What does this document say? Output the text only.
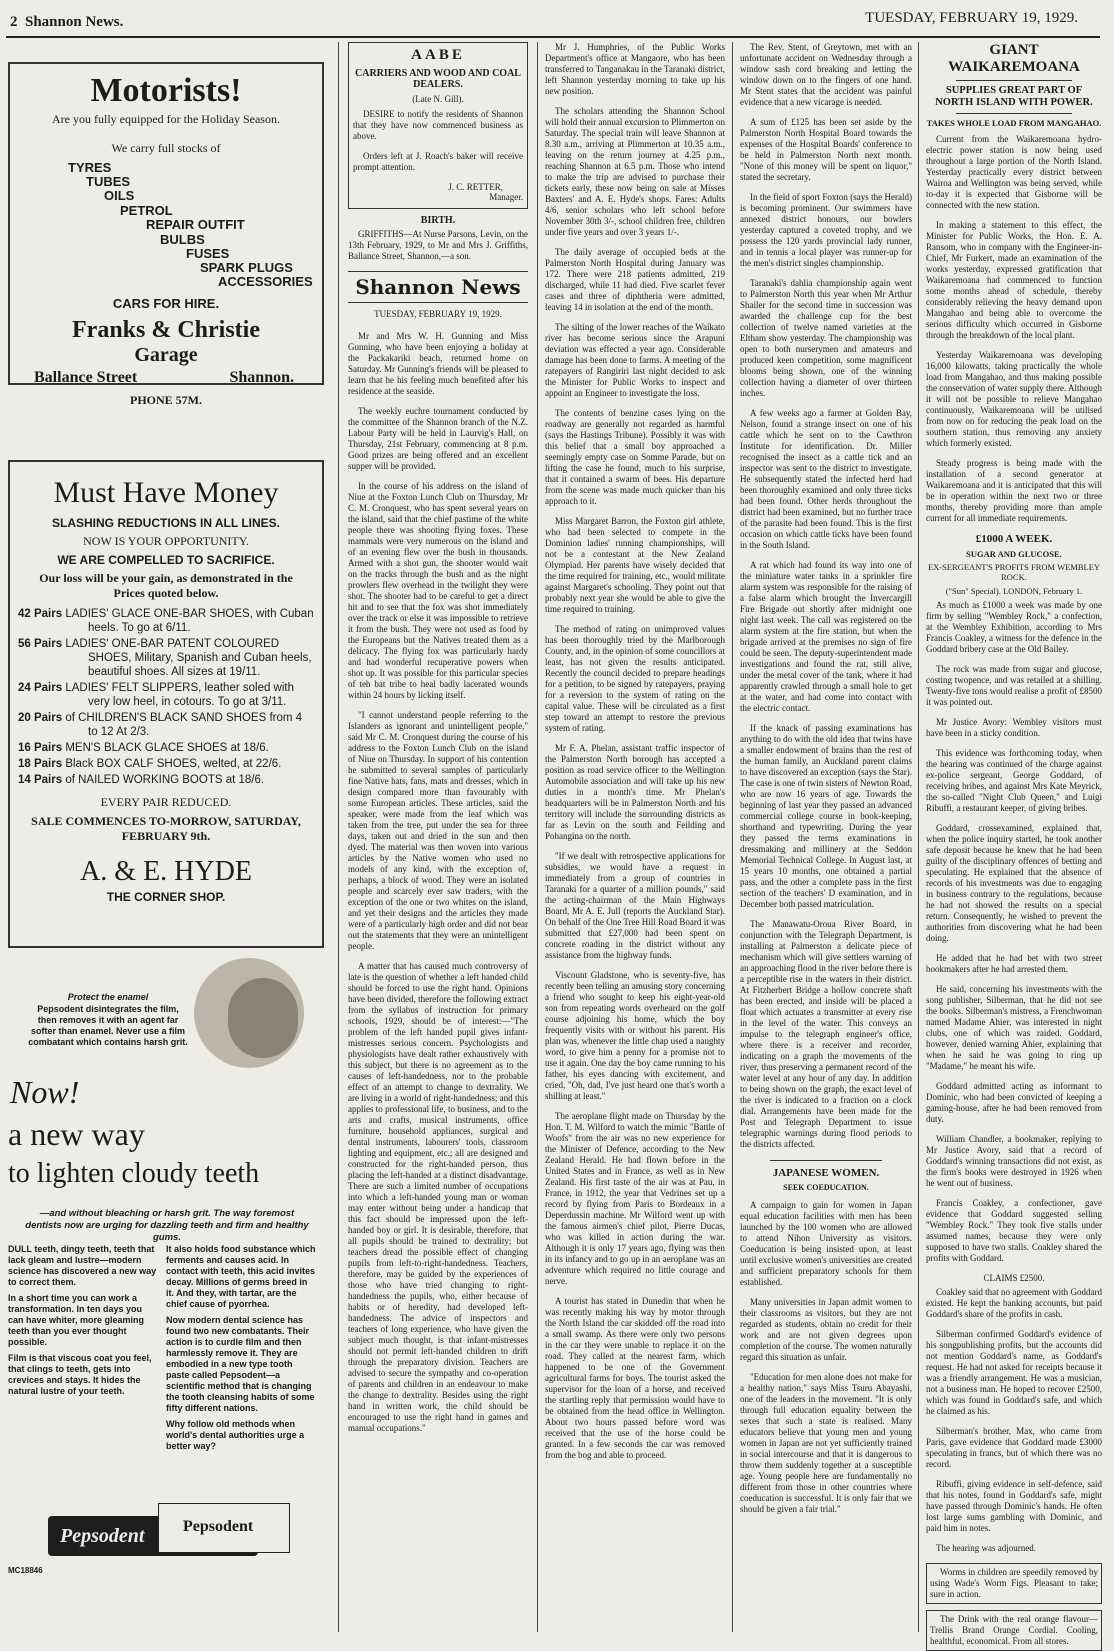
2 Shannon News.	TUESDAY, FEBRUARY 19, 1929.
Motorists!
Are you fully equipped for the Holiday Season.
We carry full stocks of
TYRES
TUBES
OILS
PETROL
REPAIR OUTFIT
BULBS
FUSES
SPARK PLUGS
ACCESSORIES
CARS FOR HIRE.
Franks & Christie
Garage
Ballance Street	Shannon.
PHONE 57M.
Must Have Money
SLASHING REDUCTIONS IN ALL LINES.
NOW IS YOUR OPPORTUNITY.
WE ARE COMPELLED TO SACRIFICE.
Our loss will be your gain, as demonstrated in the Prices quoted below.
42 Pairs LADIES' GLACE ONE-BAR SHOES, with Cuban heels. To go at 6/11.
56 Pairs LADIES' ONE-BAR PATENT COLOURED SHOES, Military, Spanish and Cuban heels, beautiful shoes. All sizes at 19/11.
24 Pairs LADIES' FELT SLIPPERS, leather soled with very low heel, in cotours. To go at 3/11.
20 Pairs of CHILDREN'S BLACK SAND SHOES from 4 to 12 At 2/3.
16 Pairs MEN'S BLACK GLACE SHOES at 18/6.
18 Pairs Black BOX CALF SHOES, welted, at 22/6.
14 Pairs of NAILED WORKING BOOTS at 18/6.
EVERY PAIR REDUCED.
SALE COMMENCES TO-MORROW, SATURDAY, FEBRUARY 9th.
A. & E. HYDE
THE CORNER SHOP.
Protect the enamel
Pepsodent disintegrates the film, then removes it with an agent far softer than enamel. Never use a film combatant which contains harsh grit.
Now!
a new way
to lighten cloudy teeth
—and without bleaching or harsh grit. The way foremost dentists now are urging for dazzling teeth and firm and healthy gums.
DULL teeth, dingy teeth, teeth that lack gleam and lustre—modern science has discovered a new way to correct them.
In a short time you can work a transformation. In ten days you can have whiter, more gleaming teeth than you ever thought possible.
Film is that viscous coat you feel, that clings to teeth, gets into crevices and stays. It hides the natural lustre of your teeth.
It also holds food substance which ferments and causes acid. In contact with teeth, this acid invites decay. Millions of germs breed in it. And they, with tartar, are the chief cause of pyorrhea.
Now modern dental science has found two new combatants. Their action is to curdle film and then harmlessly remove it. They are embodied in a new type tooth paste called Pepsodent—a scientific method that is changing the tooth cleansing habits of some fifty different nations.
Why follow old methods when world's dental authorities urge a better way?
Pepsodent Pepsodent
MC18846
AABE
CARRIERS AND WOOD AND COAL DEALERS.
(Late N. Gill).

DESIRE to notify the residents of Shannon that they have now commenced business as above.

Orders left at J. Roach's baker will receive prompt attention.

J. C. RETTER,
Manager.
BIRTH.

GRIFFITHS—At Nurse Parsons, Levin, on the 13th February, 1929, to Mr and Mrs J. Griffiths, Ballance Street, Shannon,—a son.

Shannon News
TUESDAY, FEBRUARY 19, 1929.

Mr and Mrs W. H. Gunning and Miss Gunning, who have been enjoying a holiday at the Packakariki beach, returned home on Saturday. Mr Gunning's friends will be pleased to learn that he his feeling much benefited after his residence at the seaside.

The weekly euchre tournament conducted by the committee of the Shannon branch of the N.Z. Labour Party will be held in Laurvig's Hall, on Thursday, 21st February, commencing at 8 p.m. Good prizes are being offered and an excellent supper will be provided.

In the course of his address on the island of Niue at the Foxton Lunch Club on Thursday, Mr C. M. Cronquest, who has spent several years on the island, said that the chief pastime of the white people there was shooting flying foxes. These mammals were very numerous on the island and of an evening flew over the bush in thousands. Armed with a shot gun, the shooter would wait on the tracks through the bush and as the night prowlers flew overhead in the twilight they were shot. The shooter had to be careful to get a direct hit and to see that the fox was shot immediately over the track or else it was impossible to retrieve it from the bush. They were not used as food by the Europeans but the Natives treated them as a delicacy. The flying fox was particularly hardy and had wonderful recuperative powers when shot up. It was possible for this particular species of teh bat tribe to heal badly lacerated wounds within 24 hours by licking itself.

"I cannot understand people referring to the Islanders as ignorant and unintelligent people," said Mr C. M. Cronquest during the course of his address to the Foxton Lunch Club on the island of Niue on Thursday. In support of his contention he submitted to several samples of particularly fine Native hats, fans, mats and dresses, which in design compared more than favourably with some European articles. These articles, said the speaker, were made from the leaf which was taken from the tree, put under the sea for three days, taken out and dried in the sun and then dyed. The material was then woven into various articles by the Native women who used no models of any kind, with the exception of, perhaps, a block of wood. They were an isolated people and scarcely ever saw traders, with the exception of the one or two whites on the island, and yet their designs and the articles they made were of a particularly high order and did not bear out the statements that they were an unintelligent people.

A matter that has caused much controversy of late is the question of whether a left handed child should be forced to use the right hand. Opinions have been divided, therefore the following extract from the syllabus of instruction for primary schools, 1929, should be of interest:—"The problem of the left handed pupil gives infant-mistresses serious concern. Psychologists and physiologists have dealt rather exhaustively with this subject, but there is no agreement as to the causes of left-handedness, nor to the probable effect of an attempt to change to dextrality. We are living in a world of right-handedness; and this applies to professional life, to business, and to the arts and crafts, musical instruments, office furniture, household appliances, surgical and dental instruments, labourers' tools, classroom lighting and equipment, etc.; all are designed and constructed for the right-handed person, thus placing the left-handed at a distinct disadvantage. There are such a limited number of occupations into which a left-handed young man or woman may enter without being under a handicap that this fact should be impressed upon the left-handed boy or girl. It is desirable, therefore, that all pupils should be trained to dextrality; but teachers dread the possible effect of changing pupils from left-to-right-handedness. Teachers, therefore, may be guided by the experiences of those who have tried changing to right-handedness the pupils, who, either because of habits or of heredity, had developed left-handedness. The advice of inspectors and teachers of long experience, who have given the subject much thought, is that infant-mistresses should not permit left-handed children to drift through the preparatory division. Teachers are advised to secure the sympathy and co-operation of parents and children in an endeavour to make the change to dextrality. Besides using the right hand in written work, the child should be encouraged to use the right hand in games and manual occupations."

Mr J. Humphries, of the Public Works Department's office at Mangaore, who has been transferred to Tanganakau in the Taranaki district, left Shannon yesterday morning to take up his new position.

The scholars attending the Shannon School will hold their annual excursion to Plimmerton on Saturday. The special train will leave Shannon at 8.30 a.m., arriving at Plimmerton at 10.35 a.m., leaving on the return journey at 4.25 p.m., reaching Shannon at 6.5 p.m. Those who intend to make the trip are advised to purchase their tickets early, these now being on sale at Misses Baxters' and A. E. Hyde's shops. Fares: Adults 4/6, senior scholars who left school before November 30th 3/-, school children free, children under five years and over 3 years 1/-.

The daily average of occupied beds at the Palmerston North Hospital during January was 172. There were 218 patients admitted, 219 discharged, while 11 had died. Five scarlet fever cases and three of diphtheria were admitted, leaving 14 in isolation at the end of the month.

The silting of the lower reaches of the Waikato river has become serious since the Arapuni deviation was effected a year ago. Considerable damage has been done to farms. A meeting of the ratepayers of Rangiriri last night decided to ask the Minister for Public Works to inspect and appoint an Engineer to investigate the loss.

The contents of benzine cases lying on the roadway are generally not regarded as harmful (says the Hastings Tribune). Possibly it was with this belief that a small boy approached a seemingly empty case on Somme Parade, but on lifting the case he found, much to his surprise, that it contained a swarm of bees. His departure from the scene was made much quicker than his approach to it.

Miss Margaret Barron, the Foxton girl athlete, who had been selected to compete in the Dominion ladies' running championships, will not be a contestant at the New Zealand Olympiad. Her parents have wisely decided that the time required for training, etc., would militate against Margaret's schooling. They point out that probably next year she would be able to give the time required to training.

The method of rating on unimproved values has been thoroughly tried by the Marlborough County, and, in the opinion of some councillors at least, has not given the results anticipated. Recently the council decided to prepare headings for a petition, to be signed by ratepayers, praying for a reversion to the system of rating on the capital value. These will be circulated as a first step toward an attempt to restore the previous system of rating.

Mr F. A. Phelan, assistant traffic inspector of the Palmerston North borough has accepted a position as road service officer to the Wellington Automobile association and will take up his new duties in a month's time. Mr Phelan's headquarters will be in Palmerston North and his territory will include the surrounding districts as far as Levin on the south and Feilding and Pohangina on the north.

"If we dealt with retrospective applications for subsidies, we would have a request in immediately from a group of countries in Taranaki for a quarter of a million pounds," said the acting-chairman of the Main Highways Board, Mr A. E. Jull (reports the Auckland Star). On behalf of the One Tree Hill Road Board it was submitted that £27,000 had been spent on concrete roading in the district without any assistance from the highway funds.

Viscount Gladstone, who is seventy-five, has recently been telling an amusing story concerning a friend who sought to keep his eight-year-old son from repeating words overheard on the golf course adjoining his home, which the boy frequently visits with or without his parent. His plan was, whenever the little chap used a naughty word, to give him a penny for a promise not to use it again. One day the boy came running to his father, his eyes dancing with excitement, and cried, "Oh, dad, I've just heard one that's worth a shilling at least."

The aeroplane flight made on Thursday by the Hon. T. M. Wilford to watch the mimic "Battle of Woofs" from the air was no new experience for the Minister of Defence, according to the New Zealand Herald. He had flown before in the United States and in France, as well as in New Zealand. His first taste of the air was at Pau, in France, in 1912, the year that Vedrines set up a record by flying from Paris to Bordeaux in a Deperdussin machine. Mr Wilford went up with the famous airmen's chief pilot, Pierre Ducas, who was killed in action during the war. Although it is only 17 years ago, flying was then in its infancy and to go up in an aeroplane was an adventure which required no little courage and nerve.

A tourist has stated in Dunedin that when he was recently making his way by motor through the North Island the car skidded off the road into a small swamp. As there were only two persons in the car they were unable to replace it on the road. They called at the nearest farm, which happened to be one of the Government agricultural farms for boys. The tourist asked the supervisor for the loan of a horse, and received the startling reply that permission would have to be obtained from the head office in Wellington. About two hours passed before word was received that the use of the horse could be granted. In a few seconds the car was removed from the bog and able to proceed.

The Rev. Stent, of Greytown, met with an unfortunate accident on Wednesday through a window sash cord breaking and letting the window down on to the fingers of one hand. Mr Stent states that the accident was painful evidence that a new vicarage is needed.

A sum of £125 has been set aside by the Palmerston North Hospital Board towards the expenses of the Hospital Boards' conference to be held in Palmerston North next month. "None of this money will be spent on liquor," stated the secretary.

In the field of sport Foxton (says the Herald) is becoming prominent. Our swimmers have annexed district honours, our bowlers yesterday captured a coveted trophy, and we possess the 120 yards provincial lady runner, and in tennis a local player was runner-up for the men's district singles championship.

Taranaki's dahlia championship again went to Palmerston North this year when Mr Arthur Shailer for the second time in succession was awarded the challenge cup for the best collection of twelve named varieties at the Eltham show yesterday. The championship was open to both nurserymen and amateurs and produced keen competition, some magnificent blooms being shown, one of the winning collection having a diameter of over thirteen inches.

A few weeks ago a farmer at Golden Bay, Nelson, found a strange insect on one of his cattle which he sent on to the Cawthron Institute for identification. Dr. Miller recognised the insect as a cattle tick and an inspector was sent to the district to investigate. He subsequently stated the infected herd had been thoroughly examined and only three ticks had been found. Other herds throughout the district had been examined, but no further trace of the parasite had been found. This is the first occasion on which cattle ticks have been found in the South Island.

A rat which had found its way into one of the miniature water tanks in a sprinkler fire alarm system was responsible for the raising of a false alarm which brought the Invercargill Fire Brigade out shortly after midnight one night last week. The call was registered on the alarm system at the fire station, but when the brigade arrived at the premises no sign of fire could be seen. The deputy-superintendent made investigations and found the rat, still alive, under the metal cover of the tank, where it had apparently crawled through a small hole to get at the water, and had come into contact with the electric contact.

If the knack of passing examinations has anything to do with the old idea that twins have a smaller endowment of brains than the rest of the human family, an Auckland parent claims to have discovered an exception (says the Star). The case is one of twin sisters of Newton Road, who are now 16 years of age. Towards the beginning of last year they passed an advanced commercial college course in book-keeping, shorthand and typewriting. During the year they passed the terms examinations in dressmaking and millinery at the Seddon Memorial Technical College. In August last, at 15 years 10 months, one obtained a partial pass, and the other a complete pass in the first section of the teachers' D examination, and in December both passed matriculation.

The Manawatu-Oroua River Board, in conjunction with the Telegraph Department, is installing at Palmerston a delicate piece of mechanism which will give settlers warning of an approaching flood in the river before there is a perceptible rise in the waters in their district. At Fitzherbert Bridge a hollow concrete shaft has been erected, and inside will be placed a float which actuates a transmitter at every rise in the level of the water. This conveys an impulse to the telegraph engineer's office, where there is a receiver and recorder, indicating on a graph the movements of the river, thus preserving a permanent record of the water level at any hour of any day. In addition to being shown on the graph, the exact level of the river is indicated to a fraction on a clock dial. Arrangements have been made for the Post and Telegraph Department to issue telegraphic warnings during flood periods to the districts affected.

JAPANESE WOMEN.
SEEK COEDUCATION.

A campaign to gain for women in Japan equal education facilities with men has been launched by the 100 women who are allowed to attend Nihon University as visitors. Coeducation is being insisted upon, at least until exclusive women's universities are created and sufficient preparatory schools for them established.

Many universities in Japan admit women to their classrooms as visitors, but they are not regarded as students, obtain no credit for their work and are not given degrees upon completion of the course. The women naturally regard this situation as unfair.

"Education for men alone does not make for a healthy nation," says Miss Tsuru Abayashi, one of the leaders in the movement. "It is only through full education equality between the sexes that such a state is realised. Many educators believe that young men and young women in Japan are not yet sufficiently trained in social intercourse and that it is dangerous to throw them suddenly together at a susceptible age. Young people here are fundamentally no different from those in other countries where coeducation is successful. It is only fair that we should be given a fair trial."

GIANT WAIKAREMOANA
SUPPLIES GREAT PART OF NORTH ISLAND WITH POWER.
TAKES WHOLE LOAD FROM MANGAHAO.

Current from the Waikaremoana hydro-electric power station is now being used throughout a large portion of the North Island. Yesterday practically every district between Wairoa and Wellington was being served, while to-day it is expected that Gisborne will be connected with the new station.

In making a statement to this effect, the Minister for Public Works, the Hon. E. A. Ransom, who in company with the Engineer-in-Chief, Mr Furkert, made an examination of the works yesterday, expressed gratification that Waikaremoana had commenced to function some months ahead of schedule, thereby considerably relieving the heavy demand upon Mangahao and being able to overcome the serious difficulty which occurred in Gisborne through the breakdown of the local plant.

Yesterday Waikaremoana was developing 16,000 kilowatts, taking practically the whole load from Mangahao, and thus making possible the conservation of water supply there. Although it will not be possible to relieve Mangahao continuously, Waikaremoana will be utilised from now on for reducing the peak load on the southern station, thus removing any anxiety which formerly existed.

Steady progress is being made with the installation of a second generator at Waikaremoana and it is anticipated that this will be in operation within the next two or three months, thereby providing more than ample current for all immediate requirements.

£1000 A WEEK.
SUGAR AND GLUCOSE.
EX-SERGEANT'S PROFITS FROM WEMBLEY ROCK.
("Sun" Special). LONDON, February 1.

As much as £1000 a week was made by one firm by selling "Wembley Rock," a confection, at the Wembley Exhibition, according to Mrs Francis Coakley, a witness for the defence in the Goddard bribery case at the Old Bailey.

The rock was made from sugar and glucose, costing twopence, and was retailed at a shilling. Twenty-five tons would realise a profit of £8500 it was pointed out.

Mr Justice Avory: Wembley visitors must have been in a sticky condition.

This evidence was forthcoming today, when the hearing was continued of the charge against ex-police sergeant, George Goddard, of receiving bribes, and against Mrs Kate Meyrick, the so-called "Night Club Queen," and Luigi Ribuffi, a restaurant keeper, of giving bribes.

Goddard, crossexamined, explained that, when the police inquiry started, he took another safe deposit because he knew that he had been guilty of the disciplinary offences of betting and speculating. He explained that the absence of records of his investments was due to engaging in business contrary to the regulations, because he had not showed the results on a special return. Consequently, he wished to prevent the authorities from discovering what he had been doing.

He added that he had bet with two street bookmakers after he had arrested them.

He said, concerning his investments with the song publisher, Silberman, that he did not see the books. Silberman's mistress, a Frenchwoman named Madame Ahier, was interested in night clubs, one of which was raided. Goddard, however, denied warning Ahier, explaining that when he said he was going to ring up "Madame," he meant his wife.

Goddard admitted acting as informant to Dominic, who had been convicted of keeping a gaming-house, after he had been removed from duty.

William Chandler, a bookmaker, replying to Mr Justice Avory, said that a record of Goddard's winning transactions did not exist, as the firm's books were destroyed in 1926 when he went out of business.

Francis Coakley, a confectioner, gave evidence that Goddard suggested selling "Wembley Rock." They took five stalls under assumed names, because they were only supposed to have two stalls. Coakley shared the profits with Goddard.

CLAIMS £2500.

Coakley said that no agreement with Goddard existed. He kept the banking accounts, but paid Goddard's share of the profits in cash.

Silberman confirmed Goddard's evidence of his songpublishing profits, but the accounts did not mention Goddard's name, as Goddard's request. He had not asked for receipts because it was a friendly arrangement. He was a musician, not a business man. He hoped to recover £2500, which was found in Goddard's safe, and which he claimed as his.

Silberman's brother, Max, who came from Paris, gave evidence that Goddard made £3000 speculating in francs, but of which there was no record.

Ribuffi, giving evidence in self-defence, said that his notes, found in Goddard's safe, might have passed through Dominic's hands. He often lost large sums gambling with Dominic, and paid him in notes.

The hearing was adjourned.

Worms in children are speedily removed by using Wade's Worm Figs. Pleasant to take; sure in action.

The Drink with the real orange flavour—Trellis Brand Orange Cordial. Cooling, healthful, economical. From all stores.
